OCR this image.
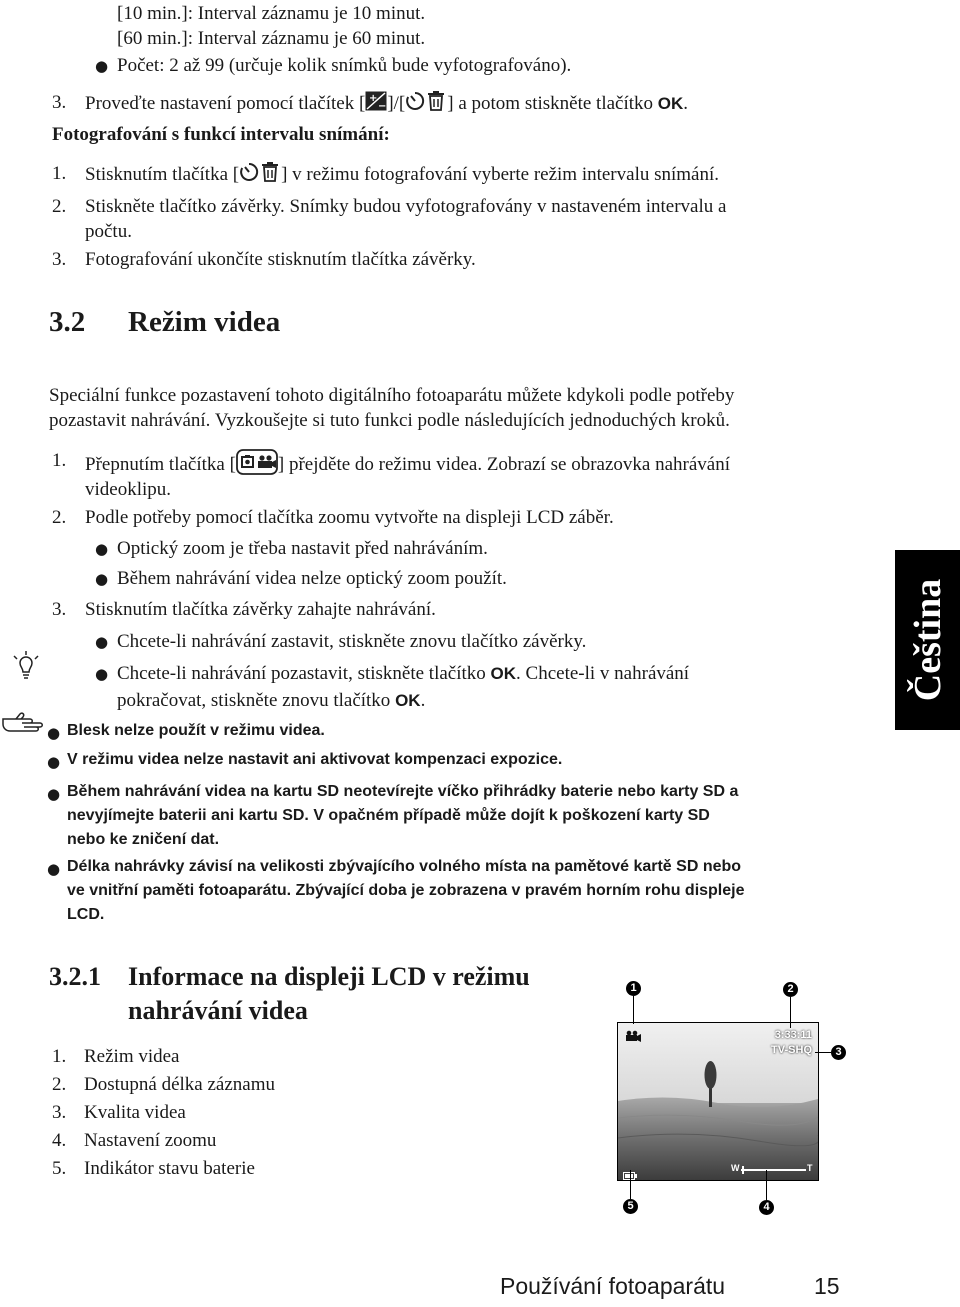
[10 min.]: Interval záznamu je 10 minut.
[60 min.]: Interval záznamu je 60 minut.
● Počet: 2 až 99 (určuje kolik snímků bude vyfotografováno).
3. Proveďte nastavení pomocí tlačítek [ +
− ]/[ ] a potom stiskněte tlačítko OK.
Fotografování s funkcí intervalu snímání:
1. Stisknutím tlačítka [ ] v režimu fotografování vyberte režim intervalu snímání.
2. Stiskněte tlačítko závěrky. Snímky budou vyfotografovány v nastaveném intervalu a
počtu.
3. Fotografování ukončíte stisknutím tlačítka závěrky.
3.2 Režim videa
Speciální funkce pozastavení tohoto digitálního fotoaparátu můžete kdykoli podle potřeby
pozastavit nahrávání. Vyzkoušejte si tuto funkci podle následujících jednoduchých kroků.
1. Přepnutím tlačítka [ ] přejděte do režimu videa. Zobrazí se obrazovka nahrávání
videoklipu.
2. Podle potřeby pomocí tlačítka zoomu vytvořte na displeji LCD záběr.
● Optický zoom je třeba nastavit před nahráváním.
● Během nahrávání videa nelze optický zoom použít.
3. Stisknutím tlačítka závěrky zahajte nahrávání.
● Chcete-li nahrávání zastavit, stiskněte znovu tlačítko závěrky.
● Chcete-li nahrávání pozastavit, stiskněte tlačítko OK. Chcete-li v nahrávání
pokračovat, stiskněte znovu tlačítko OK.
● Blesk nelze použít v režimu videa.
● V režimu videa nelze nastavit ani aktivovat kompenzaci expozice.
● Během nahrávání videa na kartu SD neotevírejte víčko přihrádky baterie nebo karty SD a
nevyjímejte baterii ani kartu SD. V opačném případě může dojít k poškození karty SD
nebo ke zničení dat.
● Délka nahrávky závisí na velikosti zbývajícího volného místa na pamětové kartě SD nebo
ve vnitřní paměti fotoaparátu. Zbývající doba je zobrazena v pravém horním rohu displeje
LCD.
3.2.1 Informace na displeji LCD v režimu
nahrávání videa
1. Režim videa
2. Dostupná délka záznamu
3. Kvalita videa
4. Nastavení zoomu
5. Indikátor stavu baterie
3:33:11
TV-SHQ
W	T
1	2
3
4
5
Čeština
Používání fotoaparátu	15
